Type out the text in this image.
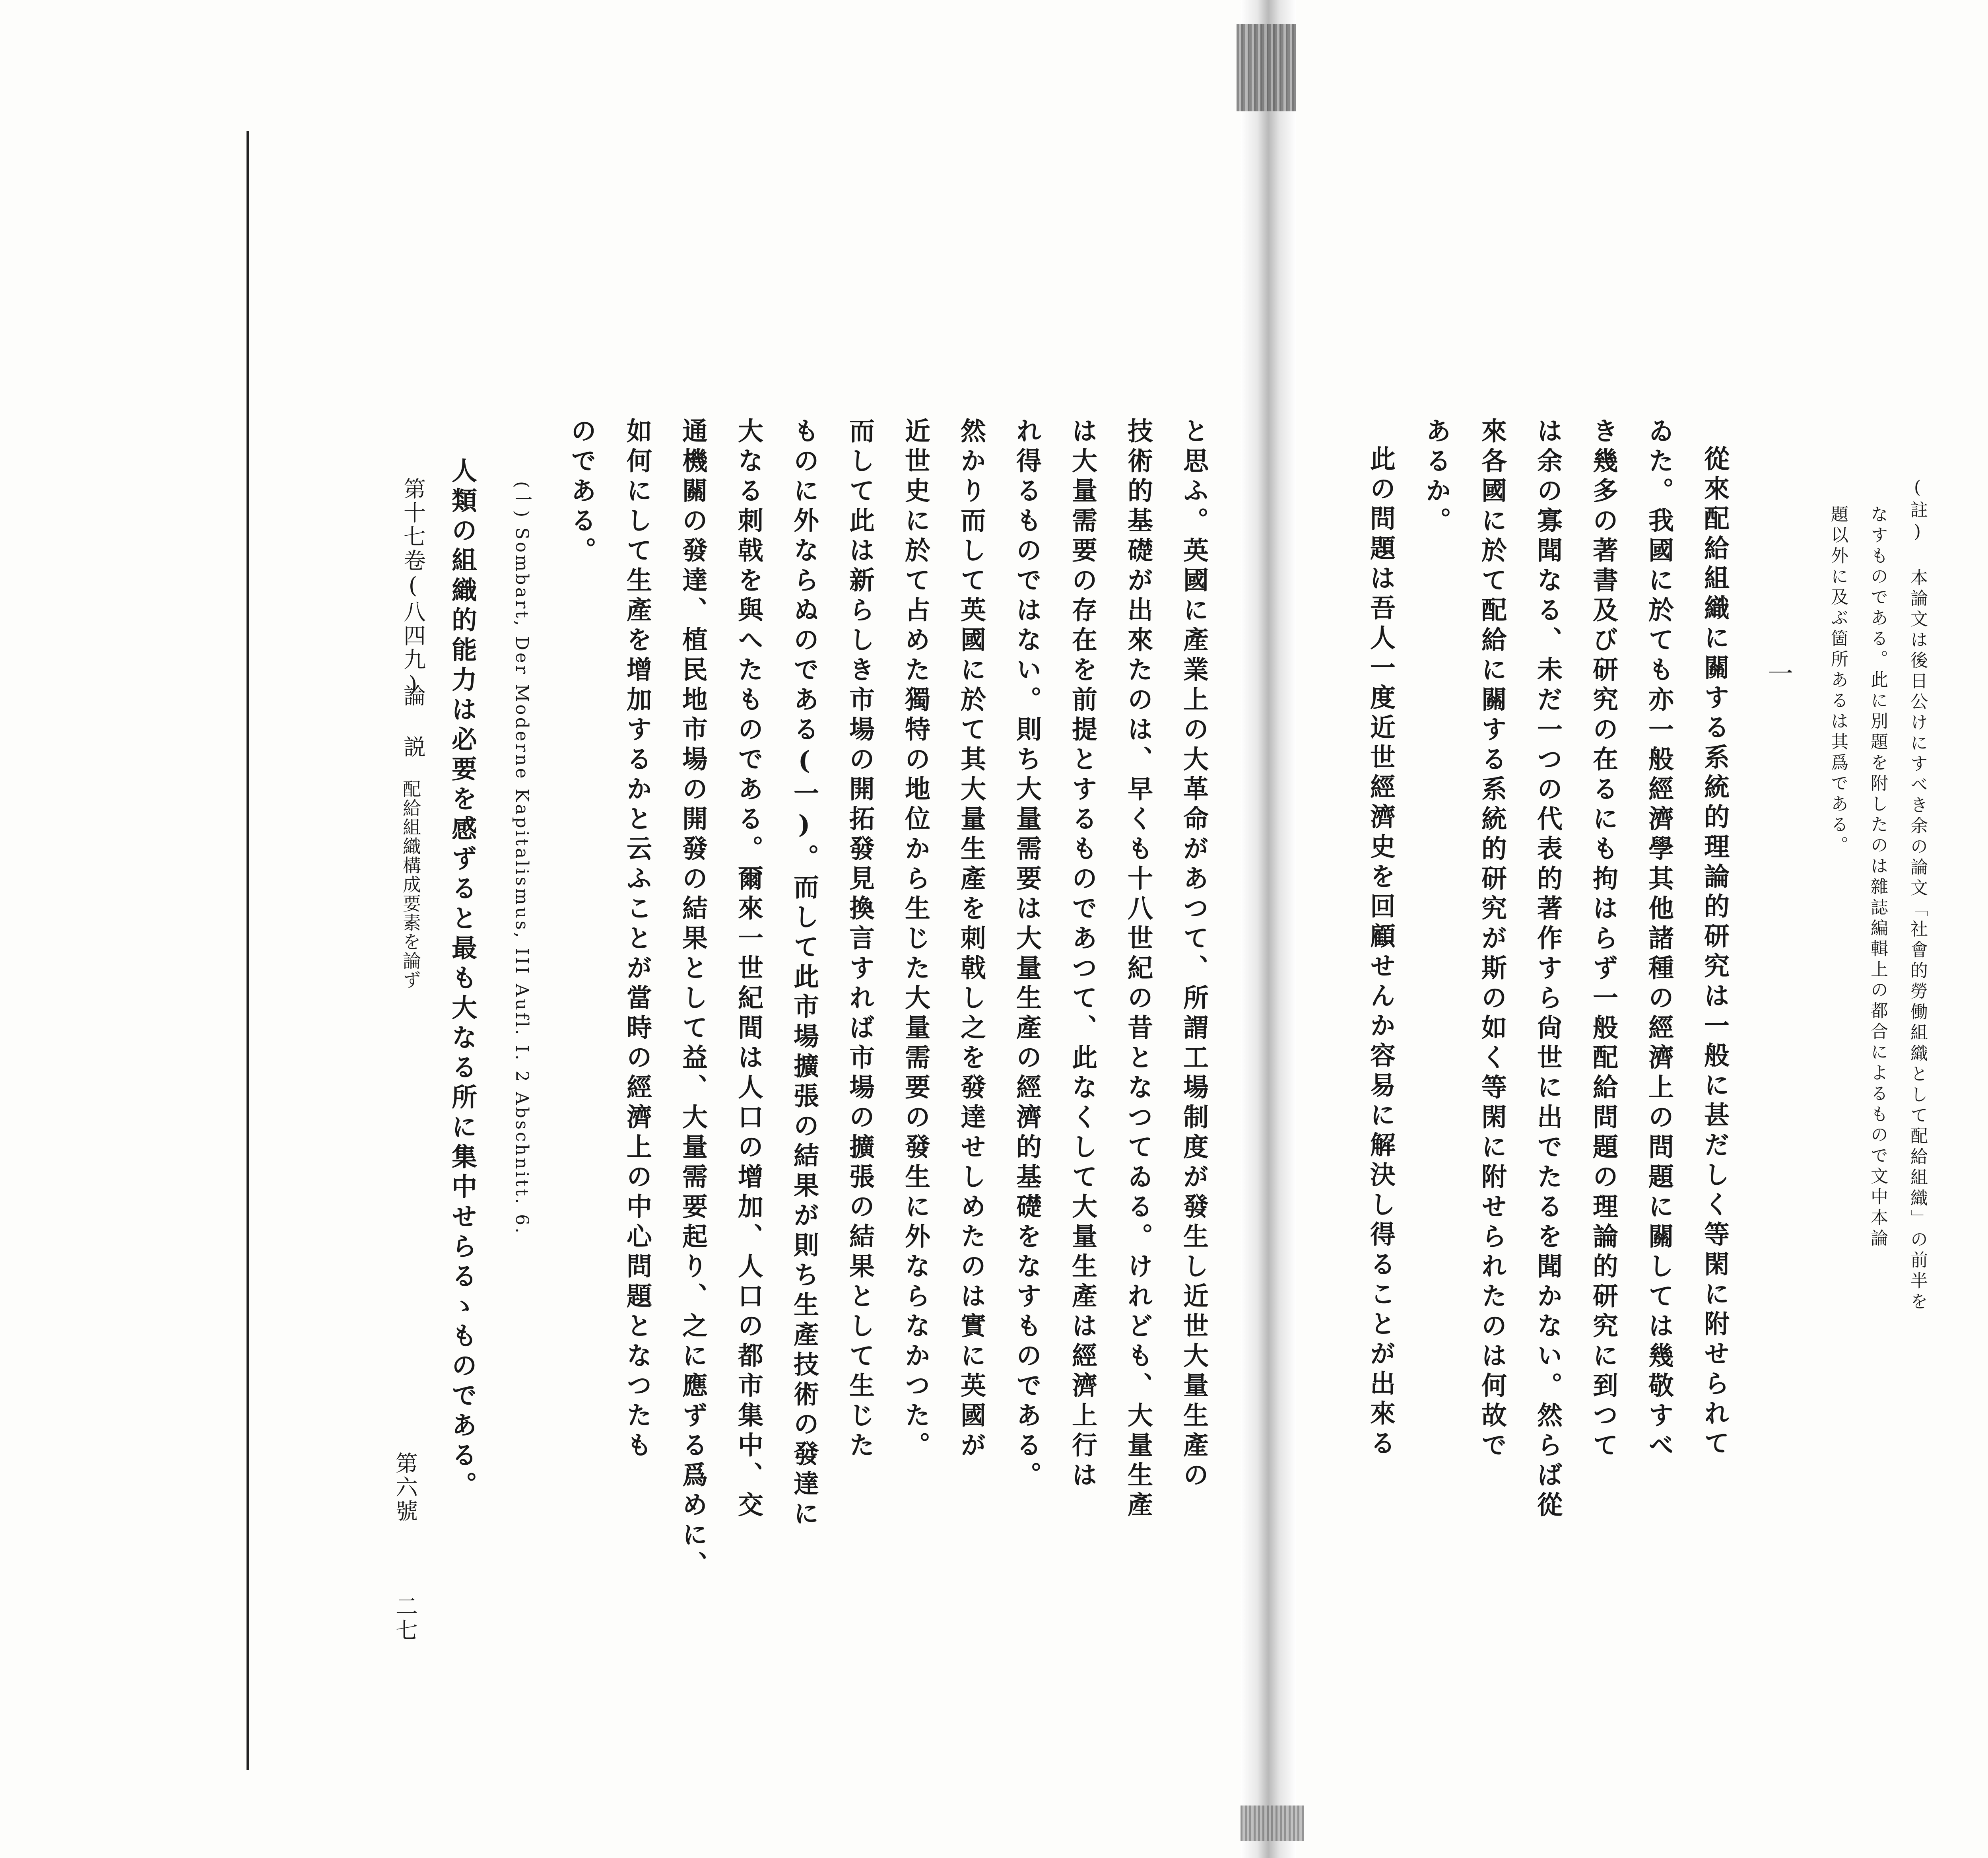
(註) 本論文は後日公けにすべき余の論文「社會的勞働組織として配給組織」の前半を
なすものである。此に別題を附したのは雜誌編輯上の都合によるもので文中本論
題以外に及ぶ箇所あるは其爲である。
一
從來配給組織に關する系統的理論的研究は一般に甚だしく等閑に附せられて
ゐた。我國に於ても亦一般經濟學其他諸種の經濟上の問題に關しては幾敬すべ
き幾多の著書及び研究の在るにも拘はらず一般配給問題の理論的研究に到つて
は余の寡聞なる、未だ一つの代表的著作すら尙世に出でたるを聞かない。然らば從
來各國に於て配給に關する系統的研究が斯の如く等閑に附せられたのは何故で
あるか。
此の問題は吾人一度近世經濟史を回顧せんか容易に解決し得ることが出來る
と思ふ。英國に產業上の大革命があつて、所謂工場制度が發生し近世大量生產の
技術的基礎が出來たのは、早くも十八世紀の昔となつてゐる。けれども、大量生產
は大量需要の存在を前提とするものであつて、此なくして大量生產は經濟上行は
れ得るものではない。則ち大量需要は大量生產の經濟的基礎をなすものである。
然かり而して英國に於て其大量生產を刺戟し之を發達せしめたのは實に英國が
近世史に於て占めた獨特の地位から生じた大量需要の發生に外ならなかつた。
而して此は新らしき市場の開拓發見換言すれば市場の擴張の結果として生じた
ものに外ならぬのである(一)。而して此市場擴張の結果が則ち生產技術の發達に
大なる刺戟を與へたものである。爾來一世紀間は人口の增加、人口の都市集中、交
通機關の發達、植民地市場の開發の結果として益、大量需要起り、之に應ずる爲めに、
如何にして生產を增加するかと云ふことが當時の經濟上の中心問題となつたも
のである。
(一) Sombart, Der Moderne Kapitalismus, III Aufl. I. 2 Abschnitt. 6.
人類の組織的能力は必要を感ずると最も大なる所に集中せらるゝものである。
第十七卷
(八四九)
論 説
配給組織構成要素を論ず
第六號
二七
